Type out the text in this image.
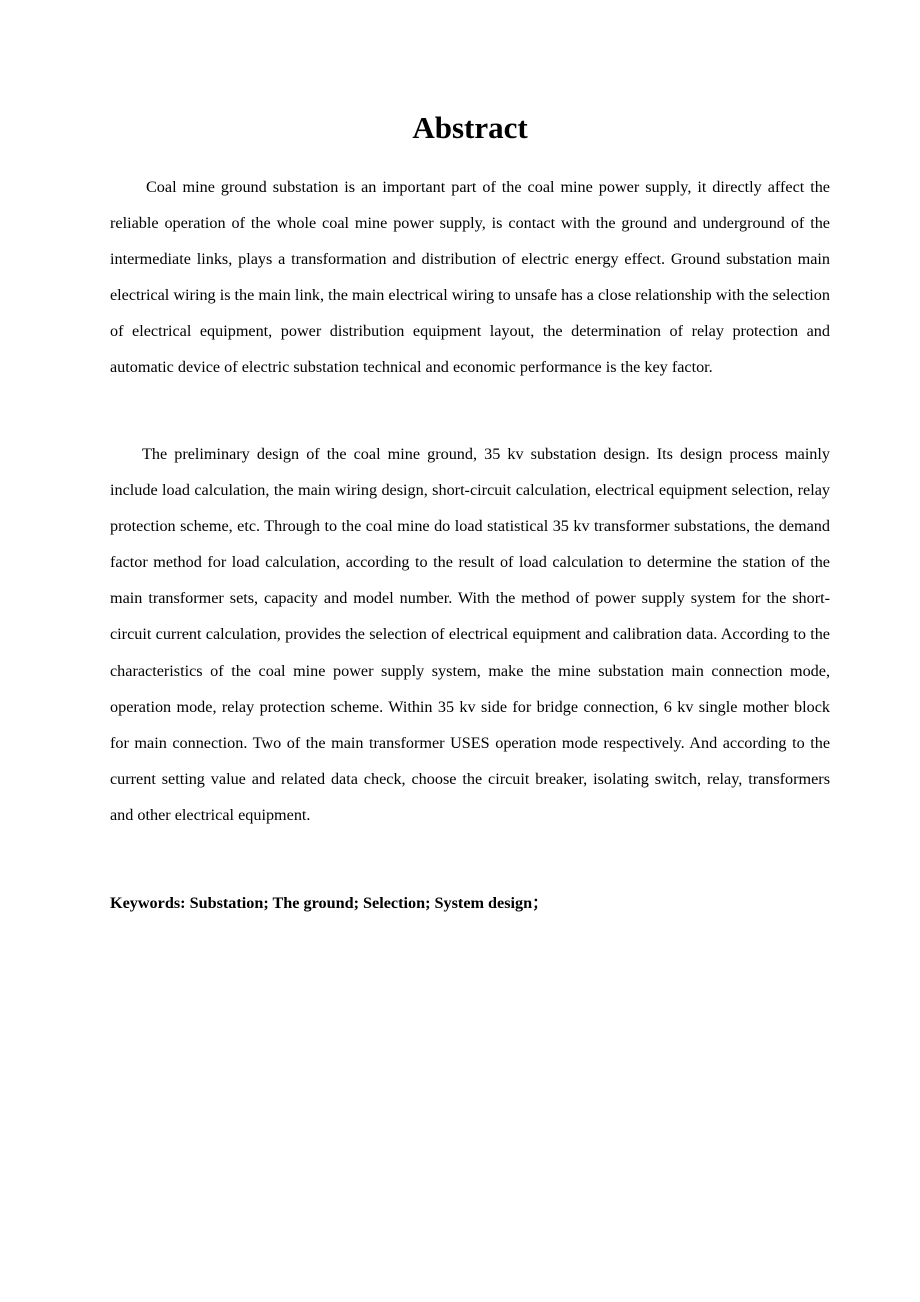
Abstract

Coal mine ground substation is an important part of the coal mine power supply, it directly affect the reliable operation of the whole coal mine power supply, is contact with the ground and underground of the intermediate links, plays a transformation and distribution of electric energy effect. Ground substation main electrical wiring is the main link, the main electrical wiring to unsafe has a close relationship with the selection of electrical equipment, power distribution equipment layout, the determination of relay protection and automatic device of electric substation technical and economic performance is the key factor.

The preliminary design of the coal mine ground, 35 kv substation design. Its design process mainly include load calculation, the main wiring design, short-circuit calculation, electrical equipment selection, relay protection scheme, etc. Through to the coal mine do load statistical 35 kv transformer substations, the demand factor method for load calculation, according to the result of load calculation to determine the station of the main transformer sets, capacity and model number. With the method of power supply system for the short-circuit current calculation, provides the selection of electrical equipment and calibration data. According to the characteristics of the coal mine power supply system, make the mine substation main connection mode, operation mode, relay protection scheme. Within 35 kv side for bridge connection, 6 kv single mother block for main connection. Two of the main transformer USES operation mode respectively. And according to the current setting value and related data check, choose the circuit breaker, isolating switch, relay, transformers and other electrical equipment.

Keywords: Substation; The ground; Selection; System design；
